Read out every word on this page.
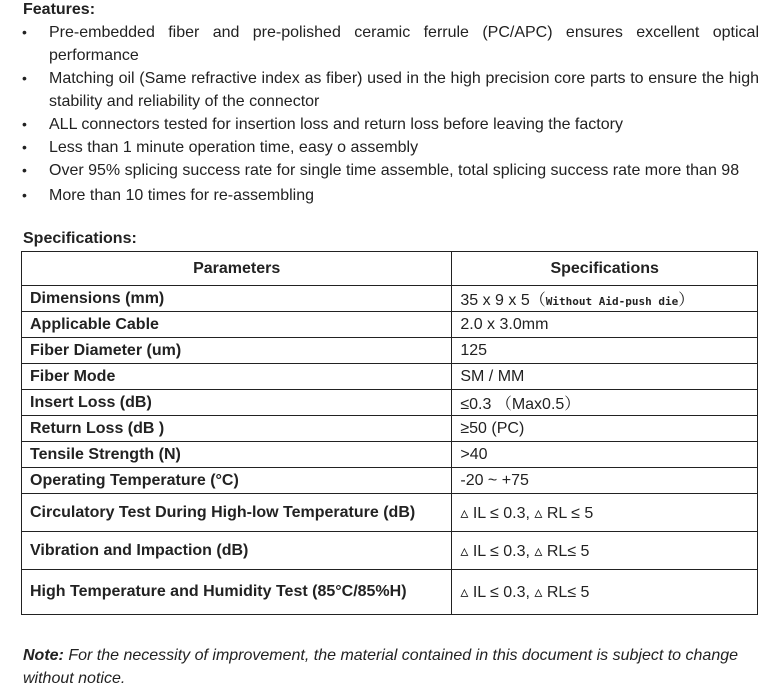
Features:
• Pre-embedded fiber and pre-polished ceramic ferrule (PC/APC) ensures excellent optical performance
• Matching oil (Same refractive index as fiber) used in the high precision core parts to ensure the high stability and reliability of the connector
• ALL connectors tested for insertion loss and return loss before leaving the factory
• Less than 1 minute operation time, easy o assembly
• Over 95% splicing success rate for single time assemble, total splicing success rate more than 98
• More than 10 times for re-assembling
Specifications:
Parameters	Specifications
Dimensions (mm)	35 x 9 x 5（Without Aid-push die）
Applicable Cable	2.0 x 3.0mm
Fiber Diameter (um)	125
Fiber Mode	SM / MM
Insert Loss (dB)	≤0.3 （Max0.5）
Return Loss (dB )	≥50 (PC)
Tensile Strength (N)	>40
Operating Temperature (°C)	-20 ~ +75
Circulatory Test During High-low Temperature (dB)	▵ IL ≤ 0.3, ▵ RL ≤ 5
Vibration and Impaction (dB)	▵ IL ≤ 0.3, ▵ RL≤ 5
High Temperature and Humidity Test (85°C/85%H)	▵ IL ≤ 0.3, ▵ RL≤ 5
Note: For the necessity of improvement, the material contained in this document is subject to change without notice.
